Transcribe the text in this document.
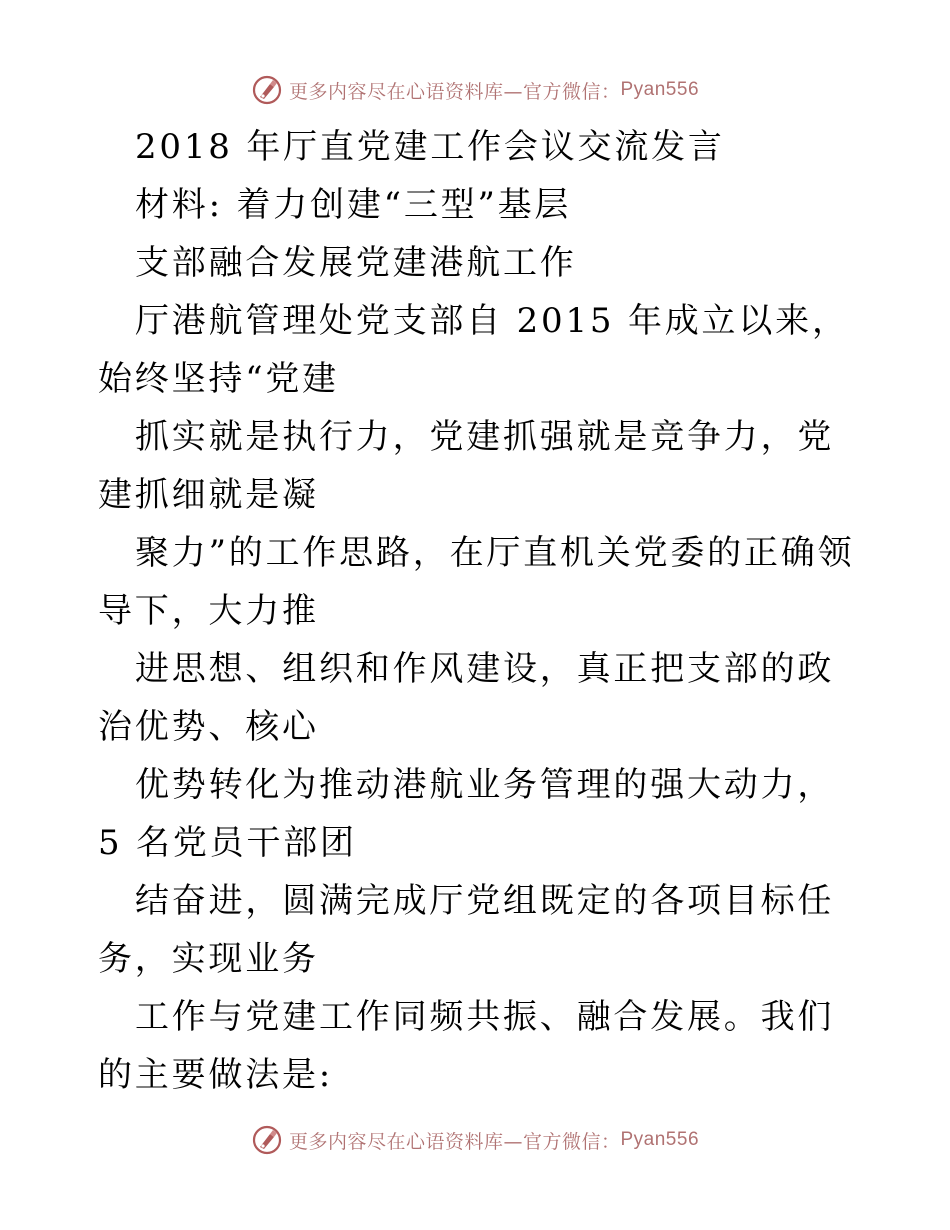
更多内容尽在心语资料库—官方微信： Pyan556

2018 年厅直党建工作会议交流发言

材料: 着力创建“三型”基层

支部融合发展党建港航工作

厅港航管理处党支部自 2015 年成立以来，始终坚持“党建

抓实就是执行力，党建抓强就是竞争力，党建抓细就是凝

聚力”的工作思路，在厅直机关党委的正确领导下，大力推

进思想、组织和作风建设，真正把支部的政治优势、核心

优势转化为推动港航业务管理的强大动力，5 名党员干部团

结奋进，圆满完成厅党组既定的各项目标任务，实现业务

工作与党建工作同频共振、融合发展。我们的主要做法是:

更多内容尽在心语资料库—官方微信： Pyan556
